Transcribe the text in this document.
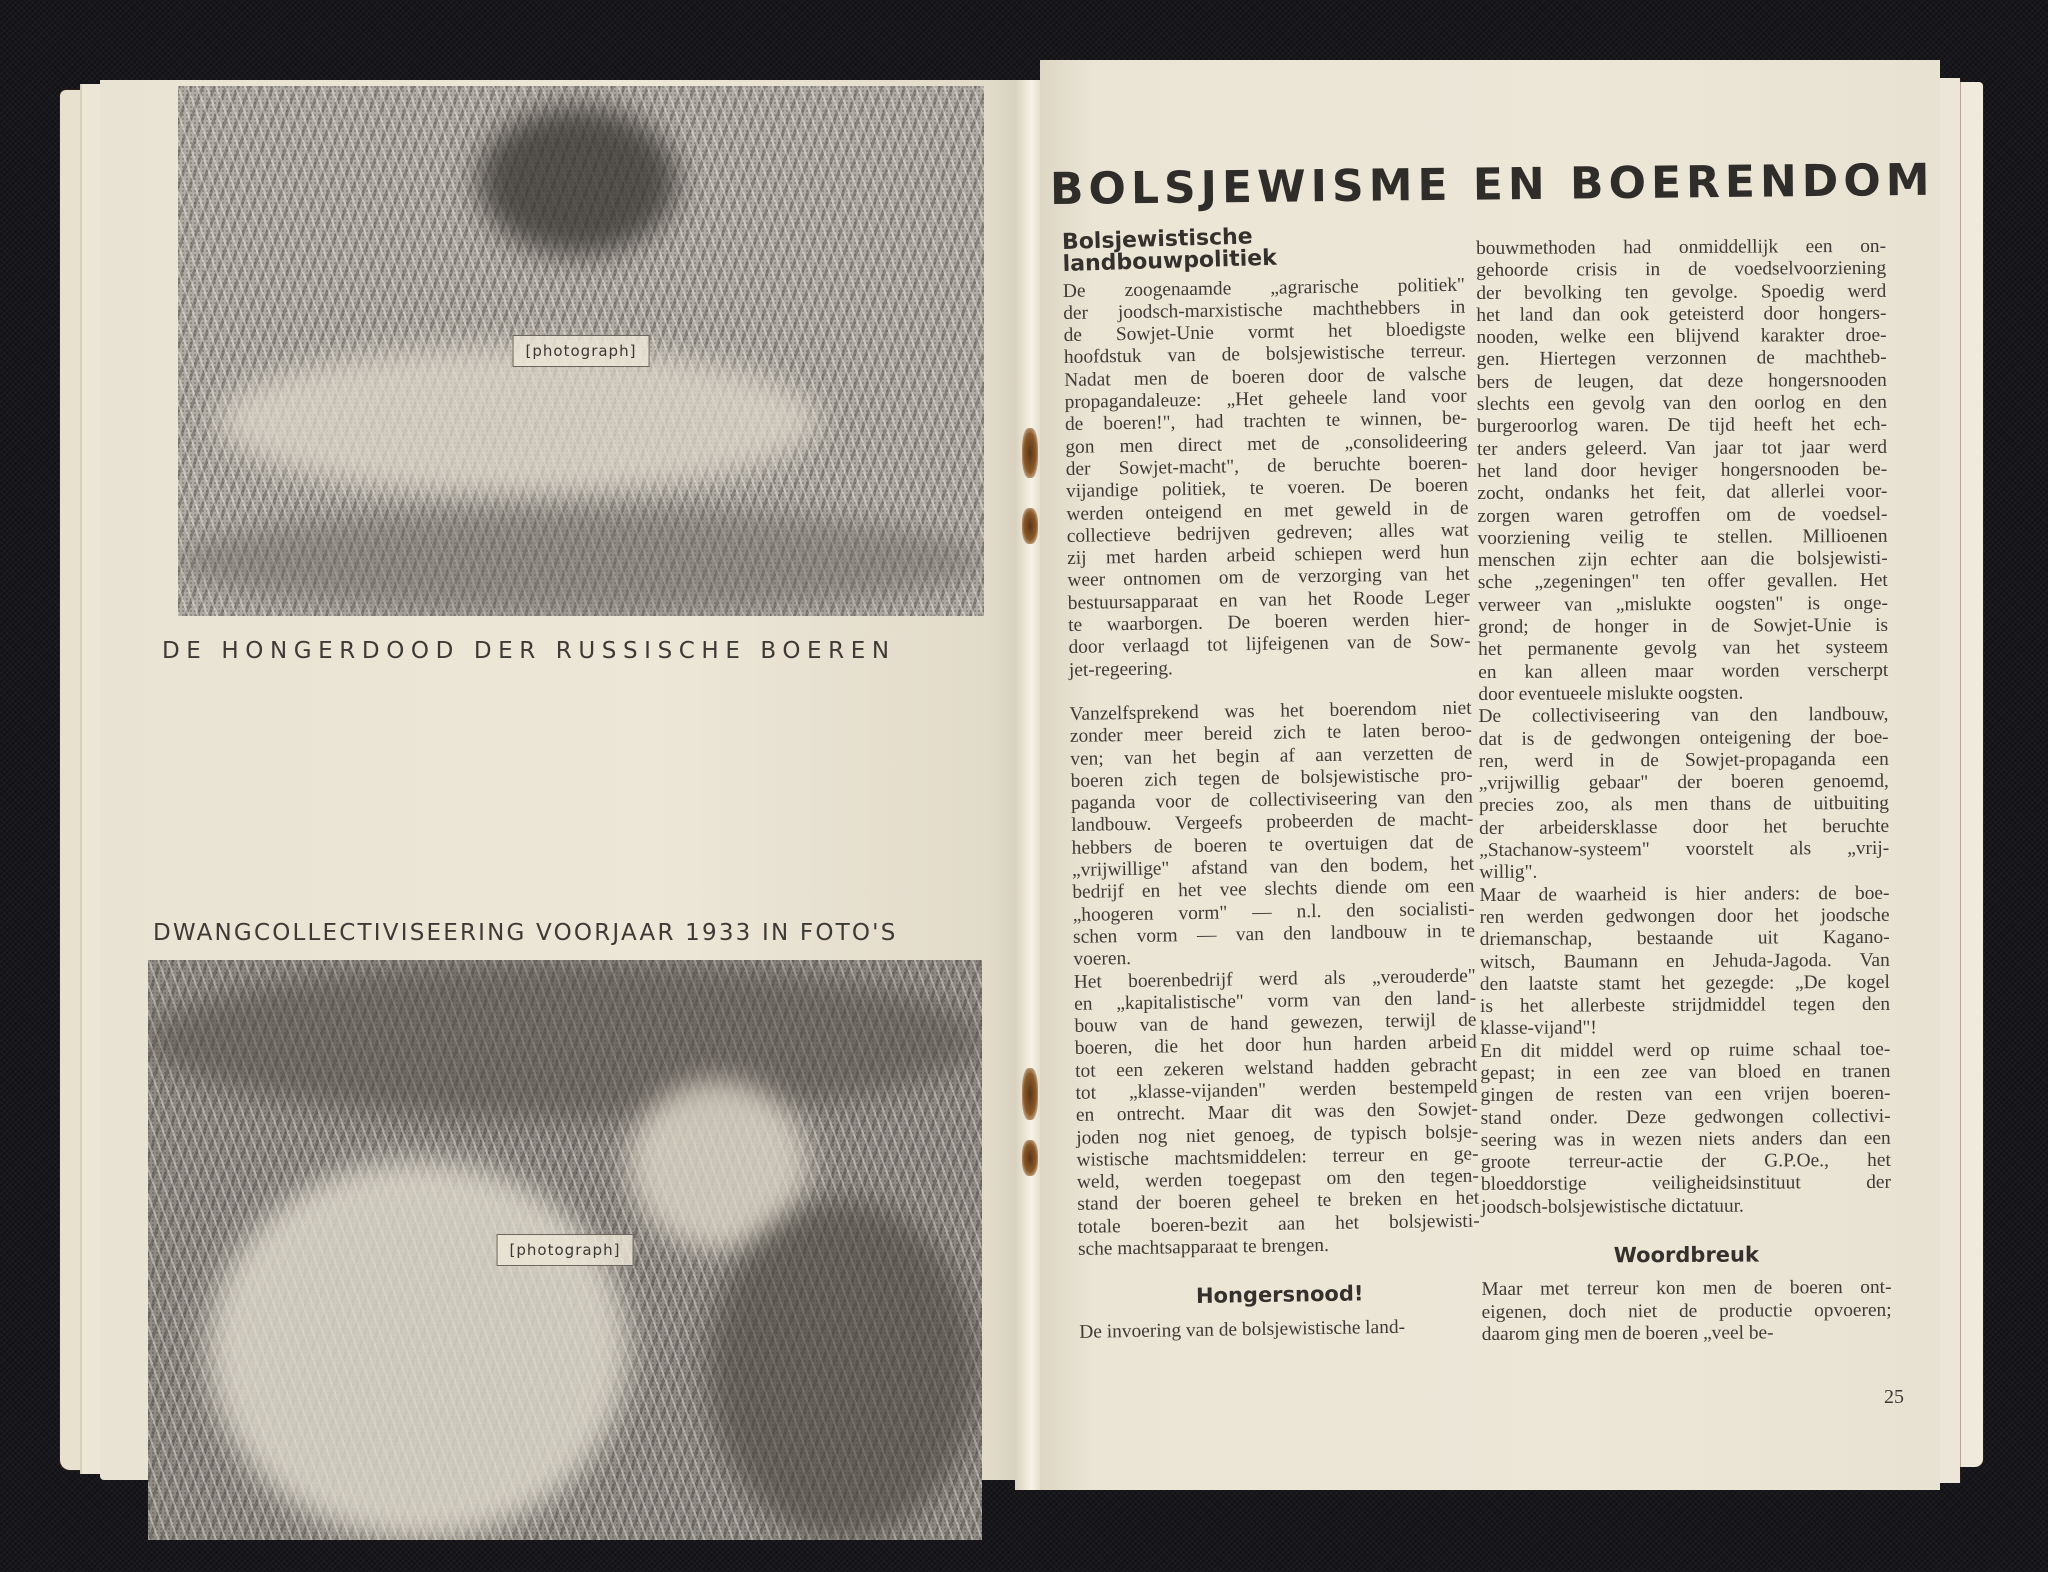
[photograph]
DE HONGERDOOD DER RUSSISCHE BOEREN
DWANGCOLLECTIVISEERING VOORJAAR 1933 IN FOTO'S
[photograph]
BOLSJEWISME EN BOERENDOM
Bolsjewistische landbouwpolitiek

De zoogenaamde „agrarische politiek"
der joodsch-marxistische machthebbers in
de Sowjet-Unie vormt het bloedigste
hoofdstuk van de bolsjewistische terreur.
Nadat men de boeren door de valsche
propagandaleuze: „Het geheele land voor
de boeren!", had trachten te winnen, be-
gon men direct met de „consolideering
der Sowjet-macht", de beruchte boeren-
vijandige politiek, te voeren. De boeren
werden onteigend en met geweld in de
collectieve bedrijven gedreven; alles wat
zij met harden arbeid schiepen werd hun
weer ontnomen om de verzorging van het
bestuursapparaat en van het Roode Leger
te waarborgen. De boeren werden hier-
door verlaagd tot lijfeigenen van de Sow-
jet-regeering.

Vanzelfsprekend was het boerendom niet
zonder meer bereid zich te laten beroo-
ven; van het begin af aan verzetten de
boeren zich tegen de bolsjewistische pro-
paganda voor de collectiviseering van den
landbouw. Vergeefs probeerden de macht-
hebbers de boeren te overtuigen dat de
„vrijwillige" afstand van den bodem, het
bedrijf en het vee slechts diende om een
„hoogeren vorm" — n.l. den socialisti-
schen vorm — van den landbouw in te
voeren.

Het boerenbedrijf werd als „verouderde"
en „kapitalistische" vorm van den land-
bouw van de hand gewezen, terwijl de
boeren, die het door hun harden arbeid
tot een zekeren welstand hadden gebracht
tot „klasse-vijanden" werden bestempeld
en ontrecht. Maar dit was den Sowjet-
joden nog niet genoeg, de typisch bolsje-
wistische machtsmiddelen: terreur en ge-
weld, werden toegepast om den tegen-
stand der boeren geheel te breken en het
totale boeren-bezit aan het bolsjewisti-
sche machtsapparaat te brengen.

Hongersnood!

De invoering van de bolsjewistische land-

bouwmethoden had onmiddellijk een on-
gehoorde crisis in de voedselvoorziening
der bevolking ten gevolge. Spoedig werd
het land dan ook geteisterd door hongers-
nooden, welke een blijvend karakter droe-
gen. Hiertegen verzonnen de machtheb-
bers de leugen, dat deze hongersnooden
slechts een gevolg van den oorlog en den
burgeroorlog waren. De tijd heeft het ech-
ter anders geleerd. Van jaar tot jaar werd
het land door heviger hongersnooden be-
zocht, ondanks het feit, dat allerlei voor-
zorgen waren getroffen om de voedsel-
voorziening veilig te stellen. Millioenen
menschen zijn echter aan die bolsjewisti-
sche „zegeningen" ten offer gevallen. Het
verweer van „mislukte oogsten" is onge-
grond; de honger in de Sowjet-Unie is
het permanente gevolg van het systeem
en kan alleen maar worden verscherpt
door eventueele mislukte oogsten.

De collectiviseering van den landbouw,
dat is de gedwongen onteigening der boe-
ren, werd in de Sowjet-propaganda een
„vrijwillig gebaar" der boeren genoemd,
precies zoo, als men thans de uitbuiting
der arbeidersklasse door het beruchte
„Stachanow-systeem" voorstelt als „vrij-
willig".

Maar de waarheid is hier anders: de boe-
ren werden gedwongen door het joodsche
driemanschap, bestaande uit Kagano-
witsch, Baumann en Jehuda-Jagoda. Van
den laatste stamt het gezegde: „De kogel
is het allerbeste strijdmiddel tegen den
klasse-vijand"!

En dit middel werd op ruime schaal toe-
gepast; in een zee van bloed en tranen
gingen de resten van een vrijen boeren-
stand onder. Deze gedwongen collectivi-
seering was in wezen niets anders dan een
groote terreur-actie der G.P.Oe., het
bloeddorstige veiligheidsinstituut der
joodsch-bolsjewistische dictatuur.

Woordbreuk

Maar met terreur kon men de boeren ont-
eigenen, doch niet de productie opvoeren;
daarom ging men de boeren „veel be-

25
